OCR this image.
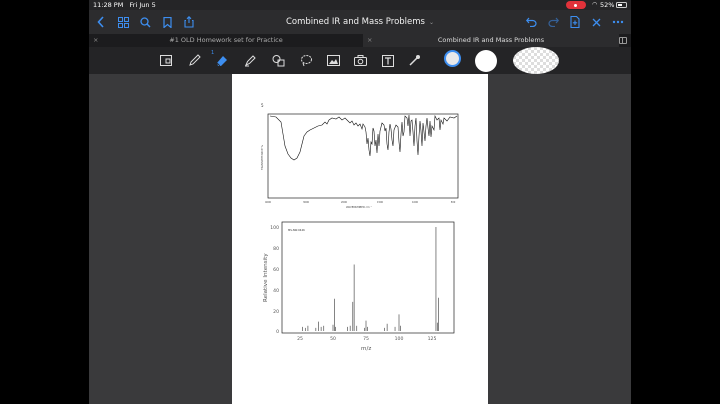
11:28 PM Fri Jun 5	◠ 52%
Combined IR and Mass Problems ⌄
×	#1 OLD Homework set for Practice	×	Combined IR and Mass Problems
1
5
TRANSMITTANCE %
WAVENUMBER cm⁻¹
4000	3000	2000	1500	1000	500
MS-NW-0446
Relative Intensity
m/z
100
80
60
40
20
0
25	50	75	100	125
